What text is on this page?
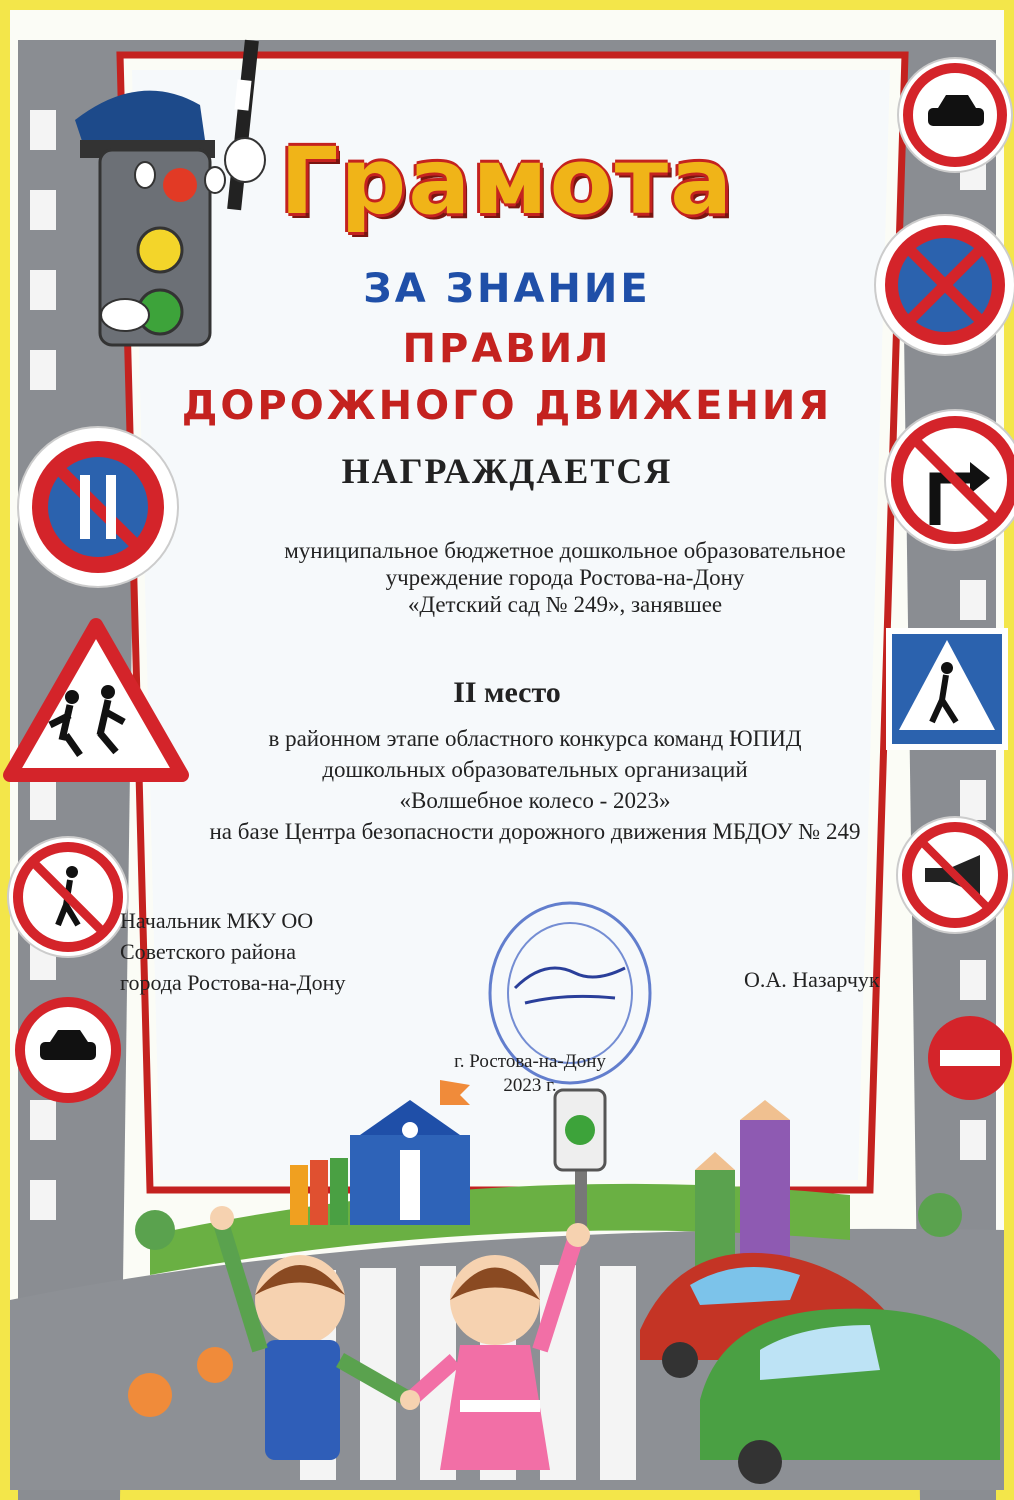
Грамота
ЗА ЗНАНИЕ
ПРАВИЛ
ДОРОЖНОГО ДВИЖЕНИЯ
НАГРАЖДАЕТСЯ
муниципальное бюджетное дошкольное образовательное
учреждение города Ростова-на-Дону
«Детский сад № 249», занявшее
II место
в районном этапе областного конкурса команд ЮПИД
дошкольных образовательных организаций
«Волшебное колесо - 2023»
на базе Центра безопасности дорожного движения МБДОУ № 249
Начальник МКУ ОО
Советского района
города Ростова-на-Дону	О.А. Назарчук
г. Ростова-на-Дону
2023 г.
